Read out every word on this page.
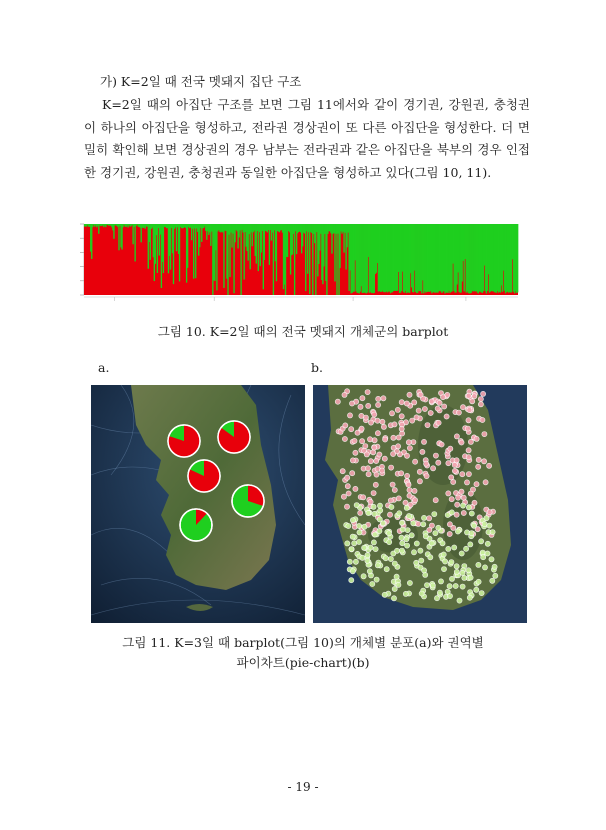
가) K=2일 때 전국 멧돼지 집단 구조
K=2일 때의 아집단 구조를 보면 그림 11에서와 같이 경기권, 강원권, 충청권이 하나의 아집단을 형성하고, 전라권 경상권이 또 다른 아집단을 형성한다. 더 면밀히 확인해 보면 경상권의 경우 남부는 전라권과 같은 아집단을 북부의 경우 인접한 경기권, 강원권, 충청권과 동일한 아집단을 형성하고 있다(그림 10, 11).
그림 10. K=2일 때의 전국 멧돼지 개체군의 barplot
a.	b.
그림 11. K=3일 때 barplot(그림 10)의 개체별 분포(a)와 권역별
파이차트(pie-chart)(b)
- 19 -
